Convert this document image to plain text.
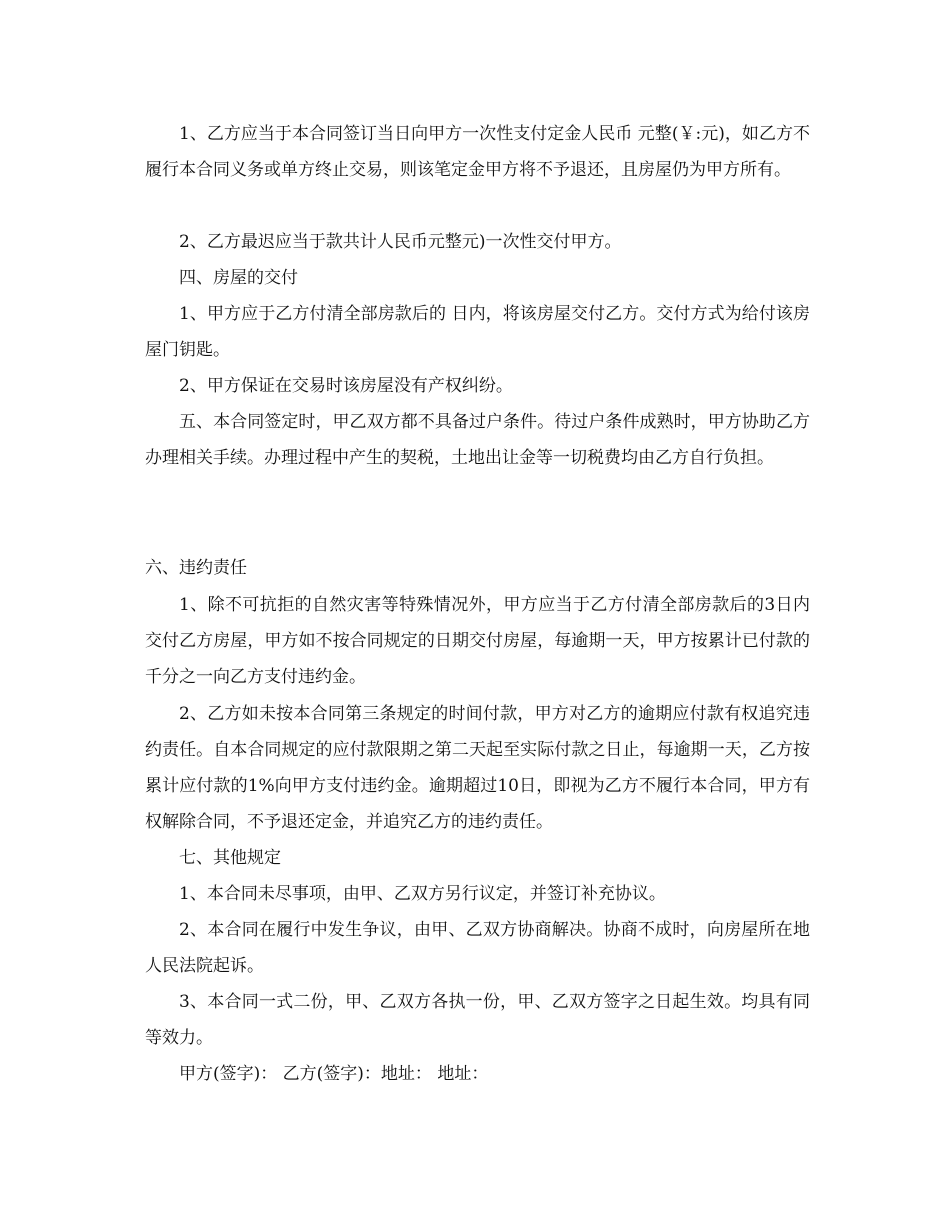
1、乙方应当于本合同签订当日向甲方一次性支付定金人民币 元整(￥:元)，如乙方不履行本合同义务或单方终止交易，则该笔定金甲方将不予退还，且房屋仍为甲方所有。
2、乙方最迟应当于款共计人民币元整元)一次性交付甲方。
四、房屋的交付
1、甲方应于乙方付清全部房款后的 日内，将该房屋交付乙方。交付方式为给付该房屋门钥匙。
2、甲方保证在交易时该房屋没有产权纠纷。
五、本合同签定时，甲乙双方都不具备过户条件。待过户条件成熟时，甲方协助乙方办理相关手续。办理过程中产生的契税，土地出让金等一切税费均由乙方自行负担。
六、违约责任
1、除不可抗拒的自然灾害等特殊情况外，甲方应当于乙方付清全部房款后的3日内交付乙方房屋，甲方如不按合同规定的日期交付房屋，每逾期一天，甲方按累计已付款的千分之一向乙方支付违约金。
2、乙方如未按本合同第三条规定的时间付款，甲方对乙方的逾期应付款有权追究违约责任。自本合同规定的应付款限期之第二天起至实际付款之日止，每逾期一天，乙方按累计应付款的1%向甲方支付违约金。逾期超过10日，即视为乙方不履行本合同，甲方有权解除合同，不予退还定金，并追究乙方的违约责任。
七、其他规定
1、本合同未尽事项，由甲、乙双方另行议定，并签订补充协议。
2、本合同在履行中发生争议，由甲、乙双方协商解决。协商不成时，向房屋所在地人民法院起诉。
3、本合同一式二份，甲、乙双方各执一份，甲、乙双方签字之日起生效。均具有同等效力。
甲方(签字)： 乙方(签字)：地址： 地址：
